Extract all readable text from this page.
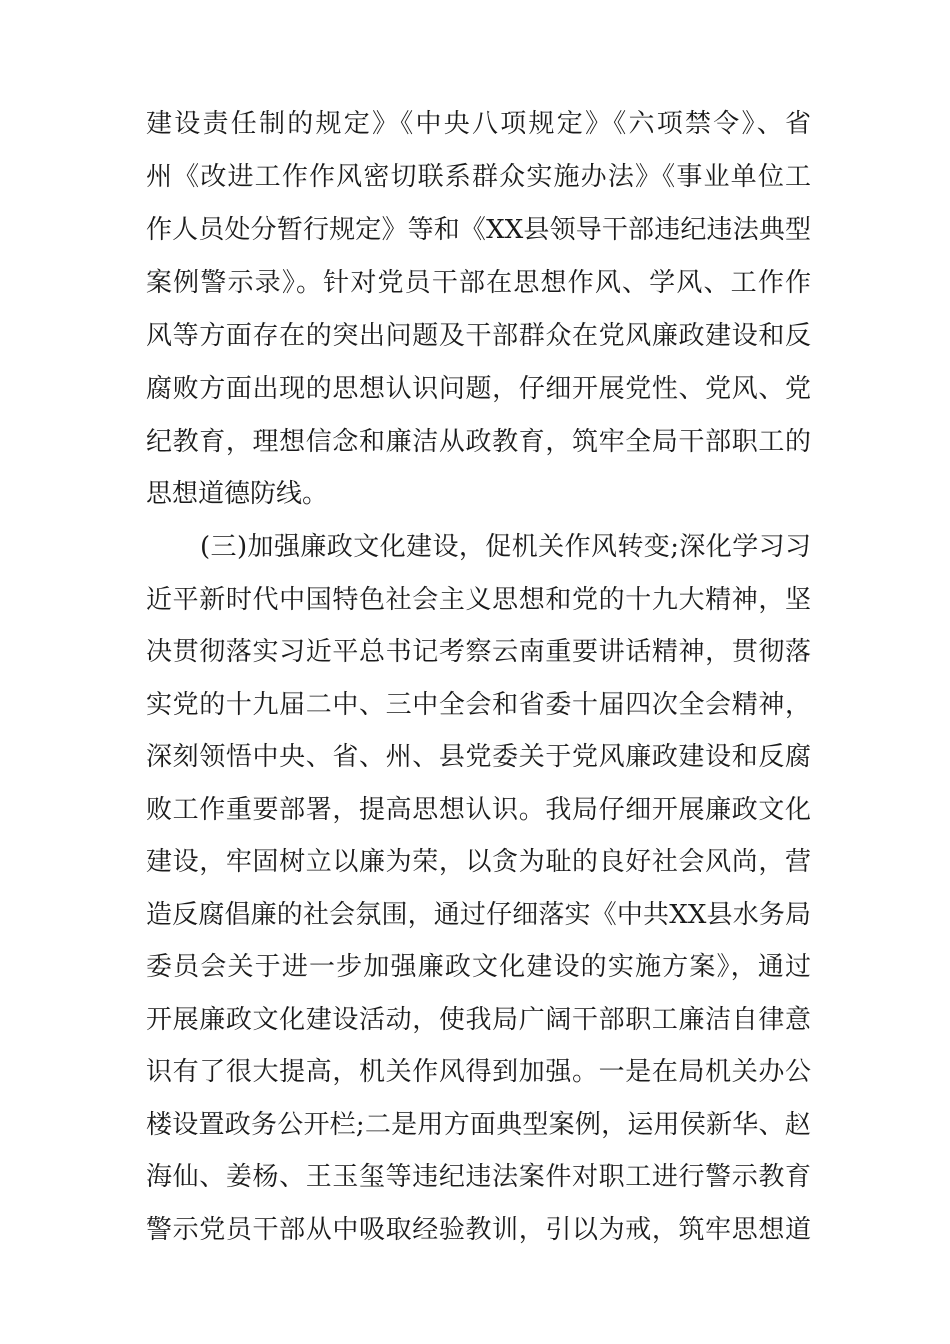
建设责任制的规定》《中央八项规定》《六项禁令》、省
州《改进工作作风密切联系群众实施办法》《事业单位工
作人员处分暂行规定》等和《XX县领导干部违纪违法典型
案例警示录》。针对党员干部在思想作风、学风、工作作
风等方面存在的突出问题及干部群众在党风廉政建设和反
腐败方面出现的思想认识问题，仔细开展党性、党风、党
纪教育，理想信念和廉洁从政教育，筑牢全局干部职工的
思想道德防线。
(三)加强廉政文化建设，促机关作风转变;深化学习习
近平新时代中国特色社会主义思想和党的十九大精神，坚
决贯彻落实习近平总书记考察云南重要讲话精神，贯彻落
实党的十九届二中、三中全会和省委十届四次全会精神，
深刻领悟中央、省、州、县党委关于党风廉政建设和反腐
败工作重要部署，提高思想认识。我局仔细开展廉政文化
建设，牢固树立以廉为荣，以贪为耻的良好社会风尚，营
造反腐倡廉的社会氛围，通过仔细落实《中共XX县水务局
委员会关于进一步加强廉政文化建设的实施方案》，通过
开展廉政文化建设活动，使我局广阔干部职工廉洁自律意
识有了很大提高，机关作风得到加强。一是在局机关办公
楼设置政务公开栏;二是用方面典型案例，运用侯新华、赵
海仙、姜杨、王玉玺等违纪违法案件对职工进行警示教育
警示党员干部从中吸取经验教训，引以为戒，筑牢思想道
